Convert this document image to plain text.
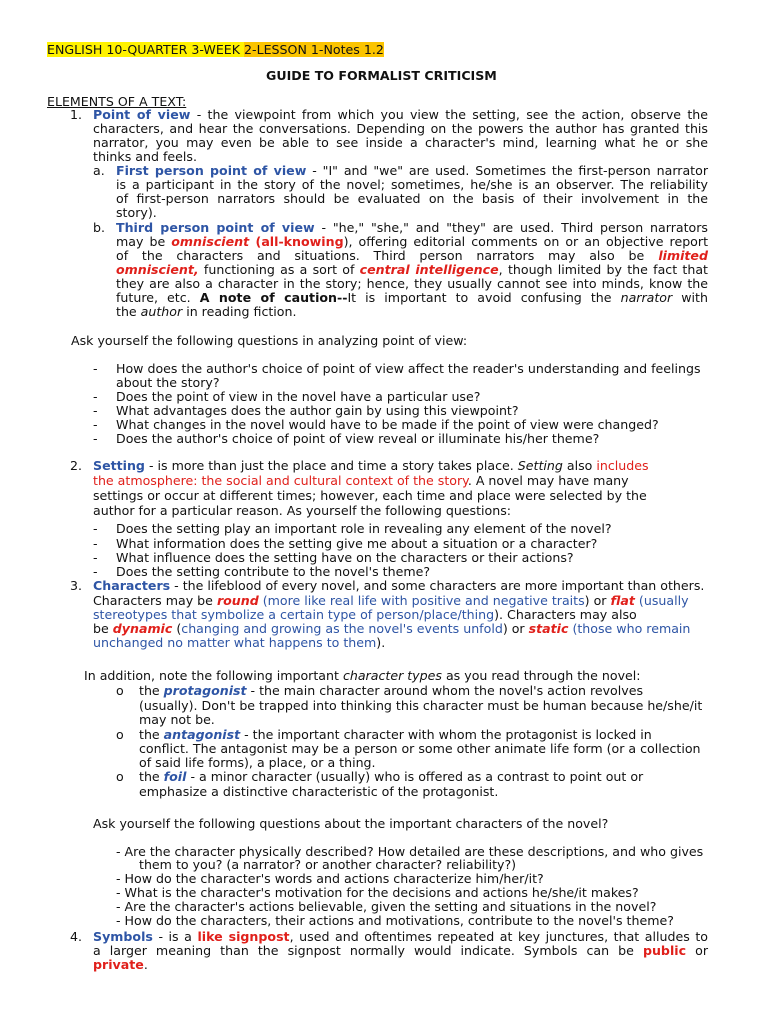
ENGLISH 10-QUARTER 3-WEEK 2-LESSON 1-Notes 1.2
GUIDE TO FORMALIST CRITICISM
ELEMENTS OF A TEXT:
1. Point of view - the viewpoint from which you view the setting, see the action, observe the
characters, and hear the conversations. Depending on the powers the author has granted this
narrator, you may even be able to see inside a character's mind, learning what he or she
thinks and feels.
a. First person point of view - "I" and "we" are used. Sometimes the first-person narrator
is a participant in the story of the novel; sometimes, he/she is an observer. The reliability
of first-person narrators should be evaluated on the basis of their involvement in the
story).
b. Third person point of view - "he," "she," and "they" are used. Third person narrators
may be omniscient (all-knowing), offering editorial comments on or an objective report
of the characters and situations. Third person narrators may also be limited
omniscient, functioning as a sort of central intelligence, though limited by the fact that
they are also a character in the story; hence, they usually cannot see into minds, know the
future, etc. A note of caution--It is important to avoid confusing the narrator with
the author in reading fiction.
Ask yourself the following questions in analyzing point of view:
- How does the author's choice of point of view affect the reader's understanding and feelings
about the story?
- Does the point of view in the novel have a particular use?
- What advantages does the author gain by using this viewpoint?
- What changes in the novel would have to be made if the point of view were changed?
- Does the author's choice of point of view reveal or illuminate his/her theme?
2. Setting - is more than just the place and time a story takes place. Setting also includes
the atmosphere: the social and cultural context of the story. A novel may have many
settings or occur at different times; however, each time and place were selected by the
author for a particular reason. As yourself the following questions:
- Does the setting play an important role in revealing any element of the novel?
- What information does the setting give me about a situation or a character?
- What influence does the setting have on the characters or their actions?
- Does the setting contribute to the novel's theme?
3. Characters - the lifeblood of every novel, and some characters are more important than others.
Characters may be round (more like real life with positive and negative traits) or flat (usually
stereotypes that symbolize a certain type of person/place/thing). Characters may also
be dynamic (changing and growing as the novel's events unfold) or static (those who remain
unchanged no matter what happens to them).
In addition, note the following important character types as you read through the novel:
o the protagonist - the main character around whom the novel's action revolves
(usually). Don't be trapped into thinking this character must be human because he/she/it
may not be.
o the antagonist - the important character with whom the protagonist is locked in
conflict. The antagonist may be a person or some other animate life form (or a collection
of said life forms), a place, or a thing.
o the foil - a minor character (usually) who is offered as a contrast to point out or
emphasize a distinctive characteristic of the protagonist.
Ask yourself the following questions about the important characters of the novel?
- Are the character physically described? How detailed are these descriptions, and who gives
them to you? (a narrator? or another character? reliability?)
- How do the character's words and actions characterize him/her/it?
- What is the character's motivation for the decisions and actions he/she/it makes?
- Are the character's actions believable, given the setting and situations in the novel?
- How do the characters, their actions and motivations, contribute to the novel's theme?
4. Symbols - is a like signpost, used and oftentimes repeated at key junctures, that alludes to
a larger meaning than the signpost normally would indicate. Symbols can be public or
private.
